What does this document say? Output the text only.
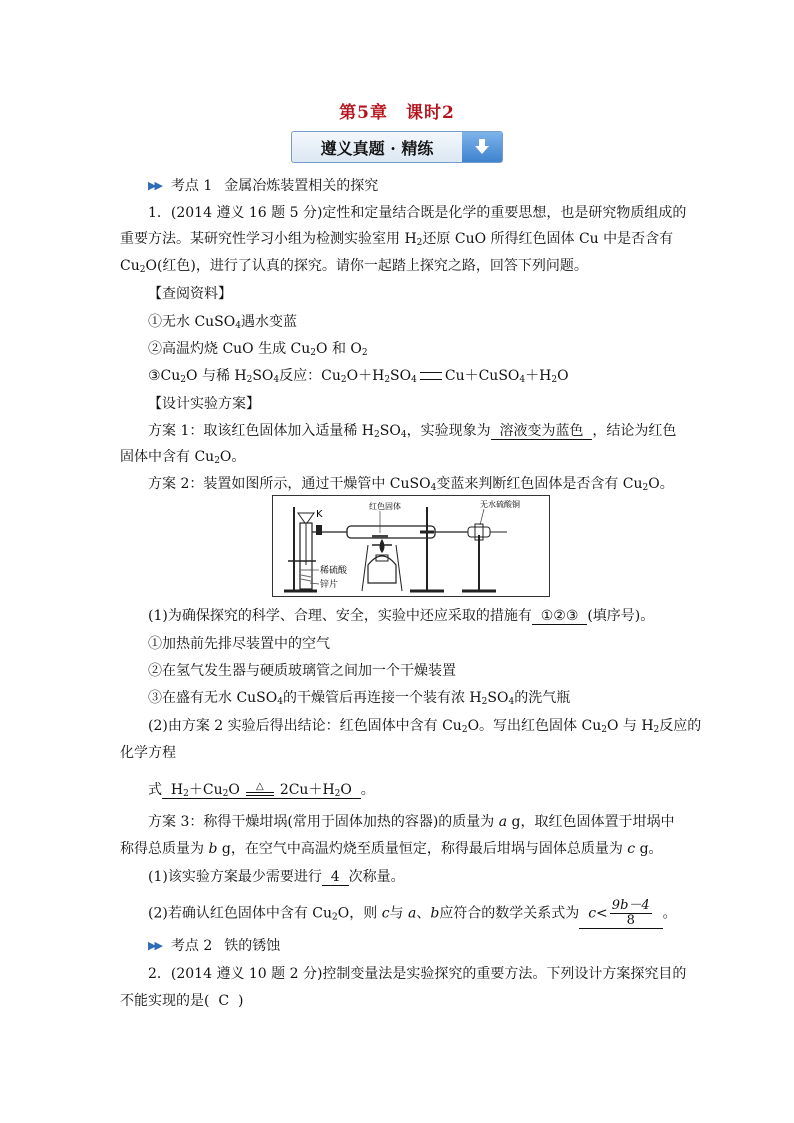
第5章　课时2
遵义真题 · 精练
▶▶ 考点 1 金属冶炼装置相关的探究
1．(2014 遵义 16 题 5 分)定性和定量结合既是化学的重要思想，也是研究物质组成的
重要方法。某研究性学习小组为检测实验室用 $H_2$还原 CuO 所得红色固体 Cu 中是否含有
$Cu_2O$(红色)，进行了认真的探究。请你一起踏上探究之路，回答下列问题。
【查阅资料】
①无水 CuSO$_4$遇水变蓝
②高温灼烧 CuO 生成 $Cu_2O$ 和 $O_2$
$③Cu_2O$ 与稀 $H_2SO_4$反应：$Cu_2O+H_2SO_4$ $Cu+CuSO_4+H_2O$
【设计实验方案】
方案 1：取该红色固体加入适量稀 $H_2SO_4$，实验现象为 溶液变为蓝色 ，结论为红色
固体中含有 $Cu_2O$。
方案 2：装置如图所示，通过干燥管中 CuSO$_4$变蓝来判断红色固体是否含有 $Cu_2O$。
K
红色固体	无水硫酸铜
稀硫酸
锌片
(1)为确保探究的科学、合理、安全，实验中还应采取的措施有 ①②③ (填序号)。
①加热前先排尽装置中的空气
②在氢气发生器与硬质玻璃管之间加一个干燥装置
③在盛有无水 CuSO$_4$的干燥管后再连接一个装有浓 $H_2SO_4$的洗气瓶
(2)由方案 2 实验后得出结论：红色固体中含有 $Cu_2O$。写出红色固体 $Cu_2O$ 与 $H_2$反应的
化学方程
式 $H_2+Cu_2O$ △ $2Cu+H_2O$ 。
方案 3：称得干燥坩埚(常用于固体加热的容器)的质量为 a g，取红色固体置于坩埚中
称得总质量为 b g，在空气中高温灼烧至质量恒定，称得最后坩埚与固体总质量为 c g。
(1)该实验方案最少需要进行 4 次称量。
(2)若确认红色固体中含有 $Cu_2O$，则 c与 a、b应符合的数学关系式为 $c< \frac{9b-4}{8}$ 。
▶▶ 考点 2 铁的锈蚀
2．(2014 遵义 10 题 2 分)控制变量法是实验探究的重要方法。下列设计方案探究目的
不能实现的是( C )
